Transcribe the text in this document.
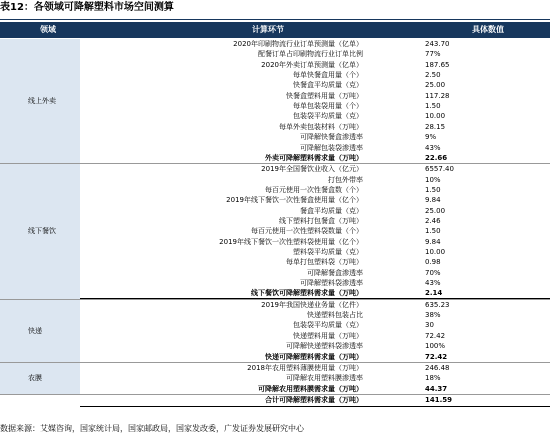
表12：各领域可降解塑料市场空间测算
领域	计算环节	具体数值
线上外卖
2020年印刷物流行业订单预测量（亿单）	243.70
配餐订单占印刷物流行业订单比例	77%
2020年外卖订单预测量（亿单）	187.65
每单快餐盒用量（个）	2.50
快餐盒平均质量（克）	25.00
快餐盒塑料用量（万吨）	117.28
每单包装袋用量（个）	1.50
包装袋平均质量（克）	10.00
每单外卖包装材料（万吨）	28.15
可降解快餐盒渗透率	9%
可降解包装袋渗透率	43%
外卖可降解塑料需求量（万吨）	22.66
线下餐饮
2019年全国餐饮业收入（亿元）	6557.40
打包外带率	10%
每百元使用一次性餐盒数（个）	1.50
2019年线下餐饮一次性餐盒使用量（亿个）	9.84
餐盒平均质量（克）	25.00
线下塑料打包餐盒（万吨）	2.46
每百元使用一次性塑料袋数量（个）	1.50
2019年线下餐饮一次性塑料袋使用量（亿个）	9.84
塑料袋平均质量（克）	10.00
每单打包塑料袋（万吨）	0.98
可降解餐盒渗透率	70%
可降解塑料袋渗透率	43%
线下餐饮可降解塑料需求量（万吨）	2.14
快递
2019年我国快递业务量（亿件）	635.23
快递塑料包装占比	38%
包装袋平均质量（克）	30
快递塑料用量（万吨）	72.42
可降解快递塑料袋渗透率	100%
快递可降解塑料需求量（万吨）	72.42
农膜
2018年农用塑料薄膜使用量（万吨）	246.48
可降解农用塑料膜渗透率	18%
可降解农用塑料膜需求量（万吨）	44.37
合计可降解塑料需求量（万吨）	141.59
数据来源：艾媒咨询，国家统计局，国家邮政局，国家发改委，广发证券发展研究中心
